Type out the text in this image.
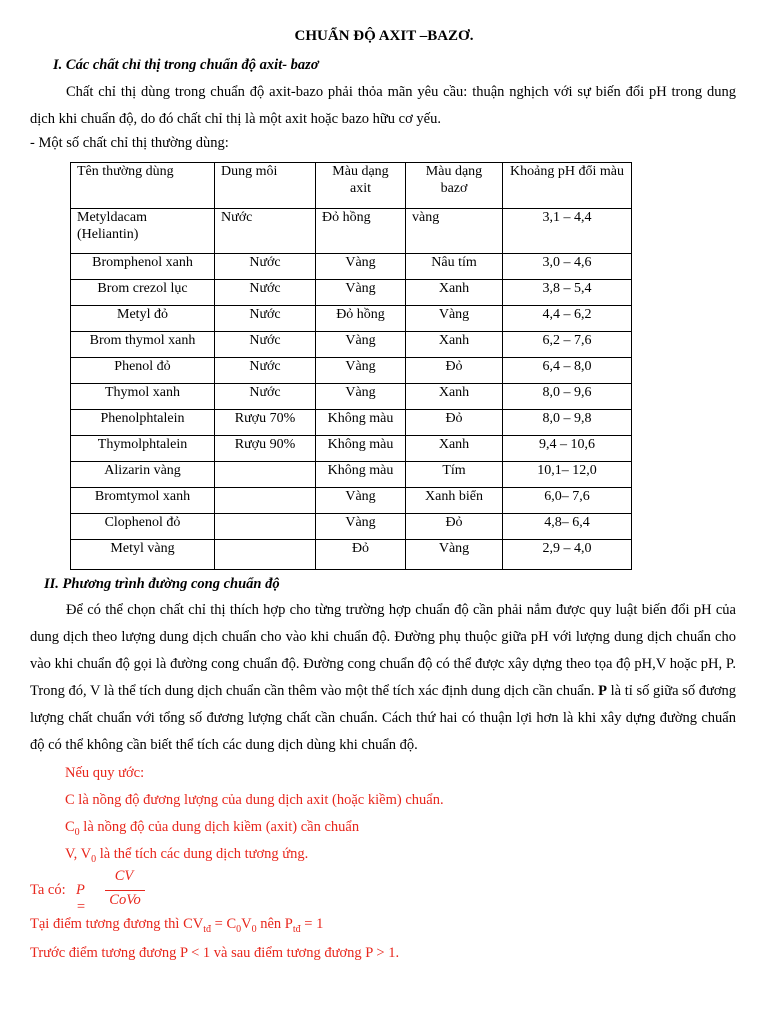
CHUẨN ĐỘ AXIT –BAZƠ.
I. Các chất chỉ thị trong chuẩn độ axit- bazơ
Chất chỉ thị dùng trong chuẩn độ axit-bazo phải thỏa mãn yêu cầu: thuận nghịch với sự biến đổi pH trong dung dịch khi chuẩn độ, do đó chất chỉ thị là một axit hoặc bazo hữu cơ yếu.
- Một số chất chỉ thị thường dùng:
Tên thường dùng	Dung môi	Màu dạng axit	Màu dạng bazơ	Khoảng pH đổi màu
Metyldacam (Heliantin)	Nước	Đỏ hồng	vàng	3,1 – 4,4
Bromphenol xanh	Nước	Vàng	Nâu tím	3,0 – 4,6
Brom crezol lục	Nước	Vàng	Xanh	3,8 – 5,4
Metyl đỏ	Nước	Đỏ hồng	Vàng	4,4 – 6,2
Brom thymol xanh	Nước	Vàng	Xanh	6,2 – 7,6
Phenol đỏ	Nước	Vàng	Đỏ	6,4 – 8,0
Thymol xanh	Nước	Vàng	Xanh	8,0 – 9,6
Phenolphtalein	Rượu 70%	Không màu	Đỏ	8,0 – 9,8
Thymolphtalein	Rượu 90%	Không màu	Xanh	9,4 – 10,6
Alizarin vàng		Không màu	Tím	10,1– 12,0
Bromtymol xanh		Vàng	Xanh biển	6,0– 7,6
Clophenol đỏ		Vàng	Đỏ	4,8– 6,4
Metyl vàng		Đỏ	Vàng	2,9 – 4,0
II. Phương trình đường cong chuẩn độ
Để có thể chọn chất chỉ thị thích hợp cho từng trường hợp chuẩn độ cần phải nắm được quy luật biến đổi pH của dung dịch theo lượng dung dịch chuẩn cho vào khi chuẩn độ. Đường phụ thuộc giữa pH với lượng dung dịch chuẩn cho vào khi chuẩn độ gọi là đường cong chuẩn độ. Đường cong chuẩn độ có thể được xây dựng theo tọa độ pH,V hoặc pH, P. Trong đó, V là thể tích dung dịch chuẩn cần thêm vào một thể tích xác định dung dịch cần chuẩn. P là tỉ số giữa số đương lượng chất chuẩn với tổng số đương lượng chất cần chuẩn. Cách thứ hai có thuận lợi hơn là khi xây dựng đường chuẩn độ có thể không cần biết thể tích các dung dịch dùng khi chuẩn độ.
Nếu quy ước:
C là nồng độ đương lượng của dung dịch axit (hoặc kiềm) chuẩn.
$C_0$ là nồng độ của dung dịch kiềm (axit) cần chuẩn
V, $V_0$ là thể tích các dung dịch tương ứng.
Ta có: P =
CV
CoVo
Tại điểm tương đương thì $CV_{tđ} = C_0V_0$ nên $P_{tđ} = 1$
Trước điểm tương đương P < 1 và sau điểm tương đương P > 1.
